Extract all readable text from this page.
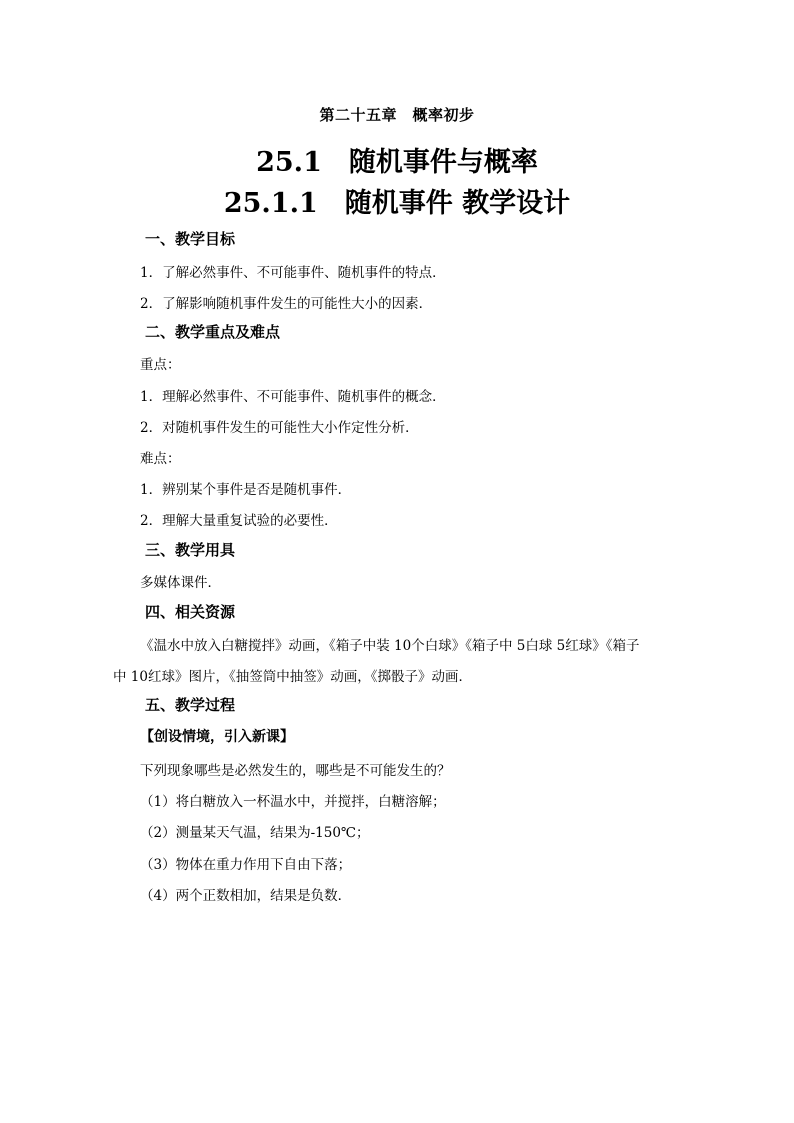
第二十五章　概率初步
25.1　随机事件与概率
25.1.1　随机事件 教学设计
一、教学目标
1．了解必然事件、不可能事件、随机事件的特点．
2．了解影响随机事件发生的可能性大小的因素．
二、教学重点及难点
重点：
1．理解必然事件、不可能事件、随机事件的概念．
2．对随机事件发生的可能性大小作定性分析．
难点：
1．辨别某个事件是否是随机事件．
2．理解大量重复试验的必要性．
三、教学用具
多媒体课件．
四、相关资源
《温水中放入白糖搅拌》动画，《箱子中装 10个白球》《箱子中 5白球 5红球》《箱子
中 10红球》图片，《抽签筒中抽签》动画，《掷骰子》动画．
五、教学过程
【创设情境，引入新课】
下列现象哪些是必然发生的，哪些是不可能发生的？
（1）将白糖放入一杯温水中，并搅拌，白糖溶解；
（2）测量某天气温，结果为-150℃；
（3）物体在重力作用下自由下落；
（4）两个正数相加，结果是负数．
